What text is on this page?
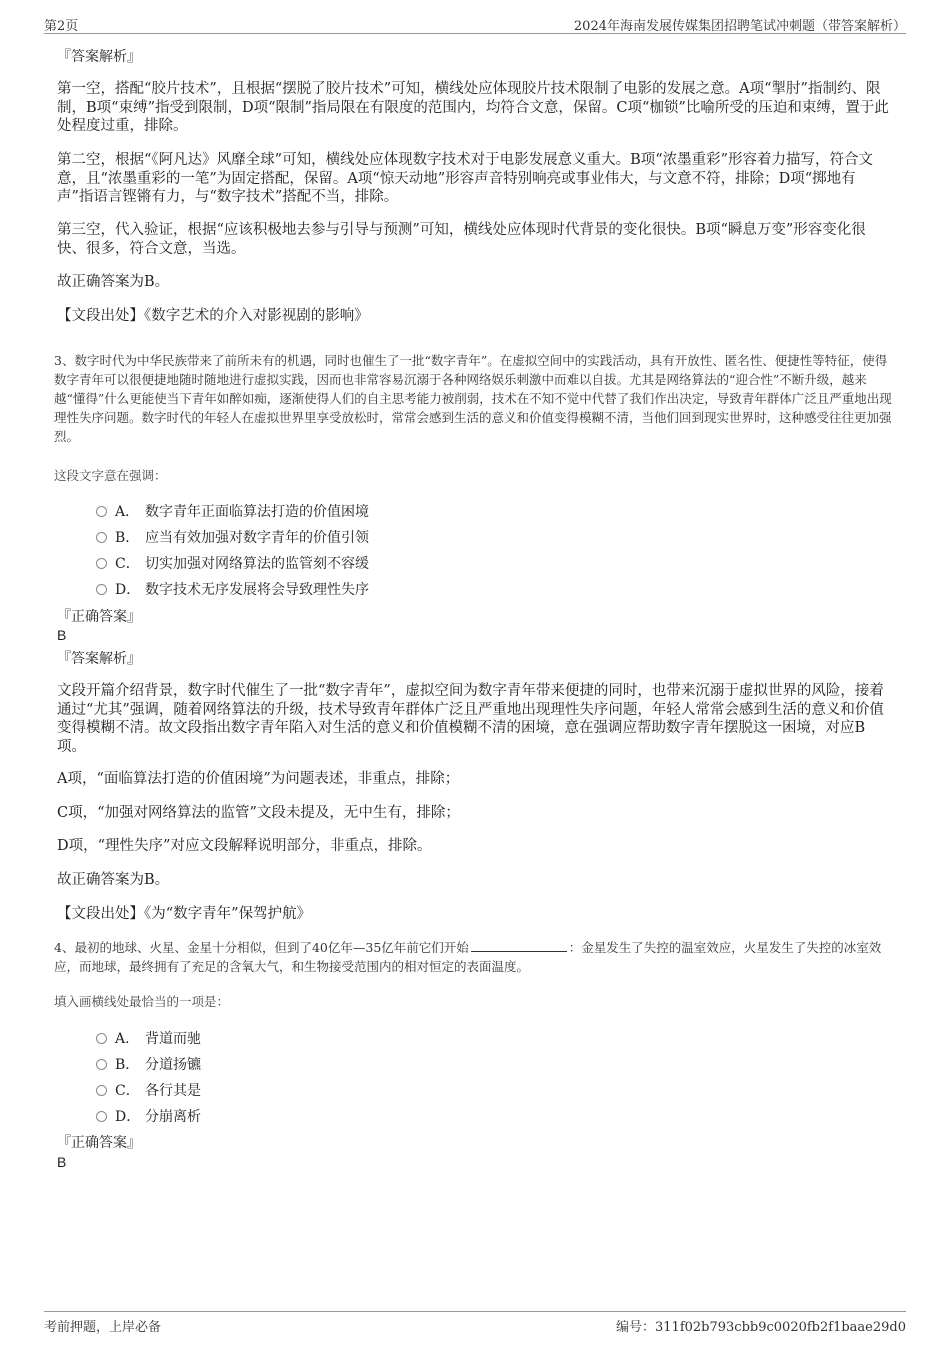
第2页	2024年海南发展传媒集团招聘笔试冲刺题（带答案解析）
『答案解析』
第一空，搭配“胶片技术”，且根据“摆脱了胶片技术”可知，横线处应体现胶片技术限制了电影的发展之意。A项“掣肘”指制约、限制，B项“束缚”指受到限制，D项“限制”指局限在有限度的范围内，均符合文意，保留。C项“枷锁”比喻所受的压迫和束缚，置于此处程度过重，排除。
第二空，根据“《阿凡达》风靡全球”可知，横线处应体现数字技术对于电影发展意义重大。B项“浓墨重彩”形容着力描写，符合文意，且“浓墨重彩的一笔”为固定搭配，保留。A项“惊天动地”形容声音特别响亮或事业伟大，与文意不符，排除；D项“掷地有声”指语言铿锵有力，与“数字技术”搭配不当，排除。
第三空，代入验证，根据“应该积极地去参与引导与预测”可知，横线处应体现时代背景的变化很快。B项“瞬息万变”形容变化很快、很多，符合文意，当选。
故正确答案为B。
【文段出处】《数字艺术的介入对影视剧的影响》
3、数字时代为中华民族带来了前所未有的机遇，同时也催生了一批“数字青年”。在虚拟空间中的实践活动，具有开放性、匿名性、便捷性等特征，使得数字青年可以很便捷地随时随地进行虚拟实践，因而也非常容易沉溺于各种网络娱乐刺激中而难以自拔。尤其是网络算法的“迎合性”不断升级，越来越“懂得”什么更能使当下青年如醉如痴，逐渐使得人们的自主思考能力被削弱，技术在不知不觉中代替了我们作出决定，导致青年群体广泛且严重地出现理性失序问题。数字时代的年轻人在虚拟世界里享受放松时，常常会感到生活的意义和价值变得模糊不清，当他们回到现实世界时，这种感受往往更加强烈。
这段文字意在强调：
A． 数字青年正面临算法打造的价值困境
B． 应当有效加强对数字青年的价值引领
C． 切实加强对网络算法的监管刻不容缓
D． 数字技术无序发展将会导致理性失序
『正确答案』
B
『答案解析』
文段开篇介绍背景，数字时代催生了一批“数字青年”，虚拟空间为数字青年带来便捷的同时，也带来沉溺于虚拟世界的风险，接着通过“尤其”强调，随着网络算法的升级，技术导致青年群体广泛且严重地出现理性失序问题，年轻人常常会感到生活的意义和价值变得模糊不清。故文段指出数字青年陷入对生活的意义和价值模糊不清的困境，意在强调应帮助数字青年摆脱这一困境，对应B项。
A项，“面临算法打造的价值困境”为问题表述，非重点，排除；
C项，“加强对网络算法的监管”文段未提及，无中生有，排除；
D项，“理性失序”对应文段解释说明部分，非重点，排除。
故正确答案为B。
【文段出处】《为“数字青年”保驾护航》
4、最初的地球、火星、金星十分相似，但到了40亿年—35亿年前它们开始	：金星发生了失控的温室效应，火星发生了失控的冰室效应，而地球，最终拥有了充足的含氧大气，和生物接受范围内的相对恒定的表面温度。
填入画横线处最恰当的一项是：
A． 背道而驰
B． 分道扬镳
C． 各行其是
D． 分崩离析
『正确答案』
B
考前押题，上岸必备	编号：311f02b793cbb9c0020fb2f1baae29d0
